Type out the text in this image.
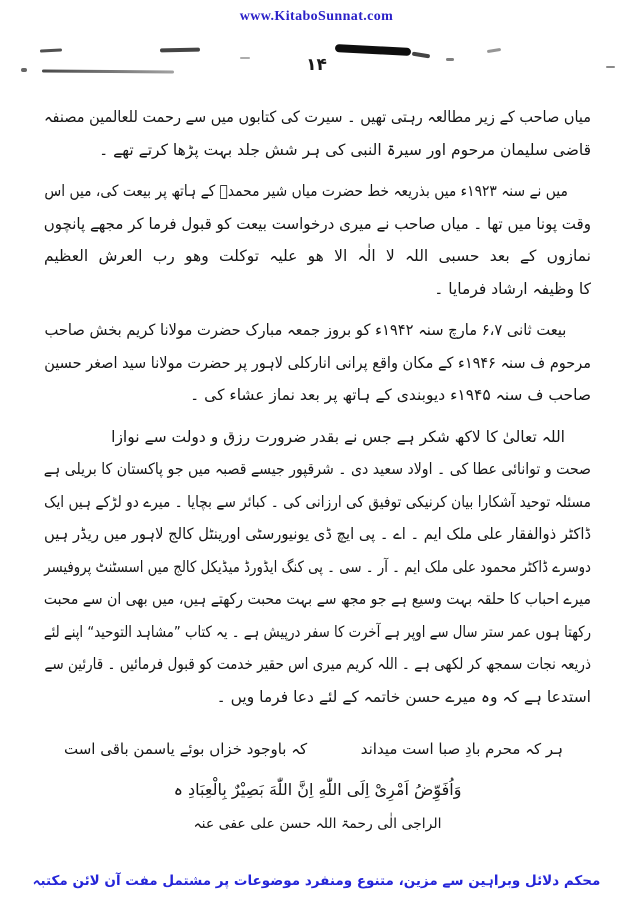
www.KitaboSunnat.com
۱۴
میاں صاحب کے زیر مطالعہ رہتی تھیں ۔ سیرت کی کتابوں میں سے رحمت للعالمین مصنفہ
قاضی سلیمان مرحوم اور سیرۃ النبی کی ہر شش جلد بہت پڑھا کرتے تھے ۔
میں نے سنہ ۱۹۲۳ء میں بذریعہ خط حضرت میاں شیر محمدؒ کے ہاتھ پر بیعت کی، میں اس
وقت پونا میں تھا ۔ میاں صاحب نے میری درخواست بیعت کو قبول فرما کر مجھے پانچوں
نمازوں کے بعد حسبی اللہ لا الٰہ الا ھو علیہ توکلت وھو رب العرش العظیم
کا وظیفہ ارشاد فرمایا ۔
بیعت ثانی ۶،۷ مارچ سنہ ۱۹۴۲ء کو بروز جمعہ مبارک حضرت مولانا کریم بخش صاحب
مرحوم ف سنہ ۱۹۴۶ء کے مکان واقع پرانی انارکلی لاہور پر حضرت مولانا سید اصغر حسین
صاحب ف سنہ ۱۹۴۵ء دیوبندی کے ہاتھ پر بعد نماز عشاء کی ۔
اللہ تعالیٰ کا لاکھ شکر ہے جس نے بقدر ضرورت رزق و دولت سے نوازا
صحت و توانائی عطا کی ۔ اولاد سعید دی ۔ شرقپور جیسے قصبہ میں جو پاکستان کا بریلی ہے
مسئلہ توحید آشکارا بیان کرنیکی توفیق کی ارزانی کی ۔ کبائر سے بچایا ۔ میرے دو لڑکے ہیں ایک
ڈاکٹر ذوالفقار علی ملک ایم ۔ اے ۔ پی ایچ ڈی یونیورسٹی اورینٹل کالج لاہور میں ریڈر ہیں
دوسرے ڈاکٹر محمود علی ملک ایم ۔ آر ۔ سی ۔ پی کنگ ایڈورڈ میڈیکل کالج میں اسسٹنٹ پروفیسر
میرے احباب کا حلقہ بہت وسیع ہے جو مجھ سے بہت محبت رکھتے ہیں، میں بھی ان سے محبت
رکھتا ہوں عمر ستر سال سے اوپر ہے آخرت کا سفر درپیش ہے ۔ یہ کتاب ”مشاہد التوحید“ اپنے لئے
ذریعہ نجات سمجھ کر لکھی ہے ۔ اللہ کریم میری اس حقیر خدمت کو قبول فرمائیں ۔ قارئین سے
استدعا ہے کہ وہ میرے حسن خاتمہ کے لئے دعا فرما ویں ۔
ہر کہ محرم بادِ صبا است میداند
کہ باوجود خزاں بوئے یاسمن باقی است
وَاُفَوِّضُ اَمْرِیْ اِلَی اللّٰهِ اِنَّ اللّٰهَ بَصِیْرٌ بِالْعِبَادِ ہ
الراجی الٰی رحمۃ اللہ حسن علی عفی عنہ
محکم دلائل وبراہین سے مزین، متنوع ومنفرد موضوعات پر مشتمل مفت آن لائن مکتبہ
